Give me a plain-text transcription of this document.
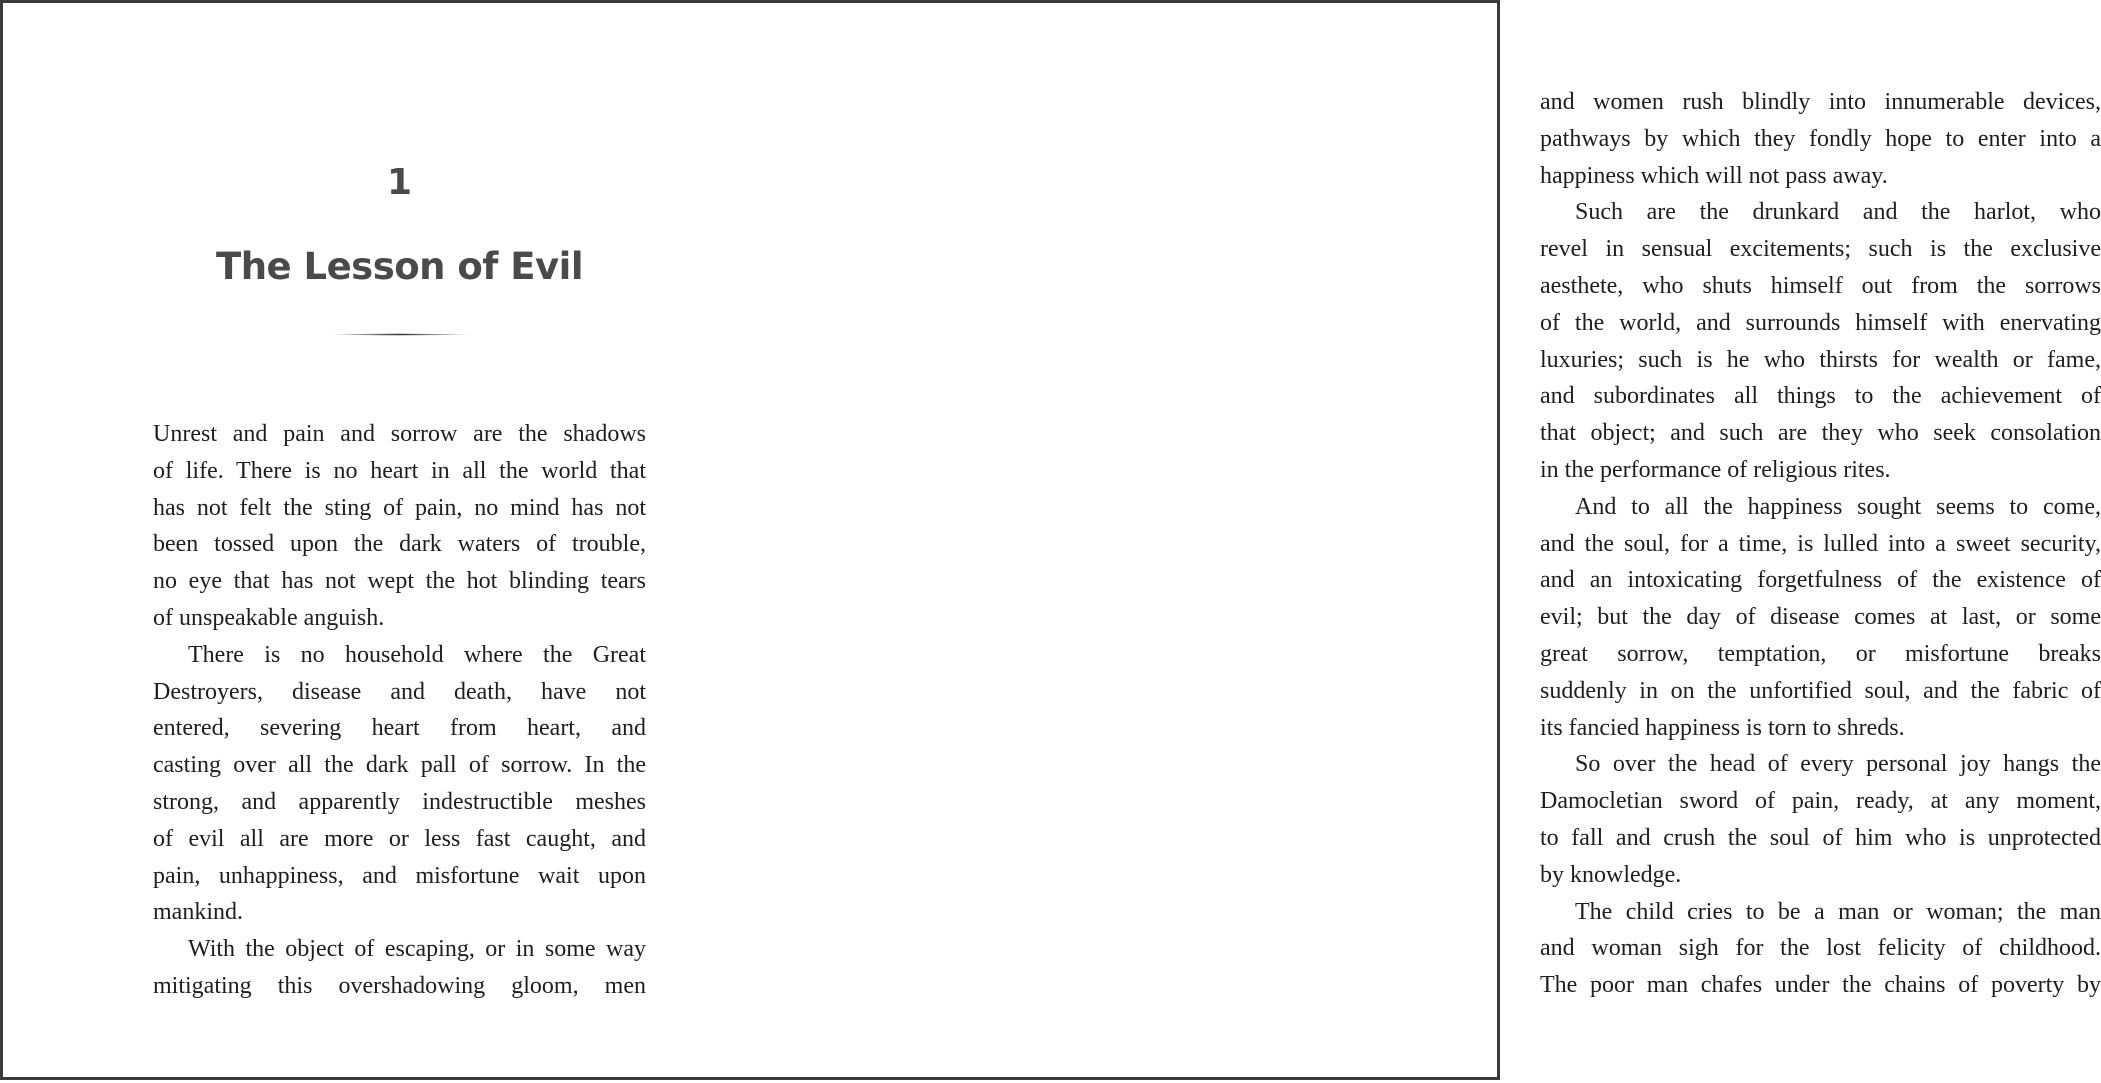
1
The Lesson of Evil
Unrest and pain and sorrow are the shadows
of life. There is no heart in all the world that
has not felt the sting of pain, no mind has not
been tossed upon the dark waters of trouble,
no eye that has not wept the hot blinding tears
of unspeakable anguish.
There is no household where the Great
Destroyers, disease and death, have not
entered, severing heart from heart, and
casting over all the dark pall of sorrow. In the
strong, and apparently indestructible meshes
of evil all are more or less fast caught, and
pain, unhappiness, and misfortune wait upon
mankind.
With the object of escaping, or in some way
mitigating this overshadowing gloom, men
and women rush blindly into innumerable devices,
pathways by which they fondly hope to enter into a
happiness which will not pass away.
Such are the drunkard and the harlot, who
revel in sensual excitements; such is the exclusive
aesthete, who shuts himself out from the sorrows
of the world, and surrounds himself with enervating
luxuries; such is he who thirsts for wealth or fame,
and subordinates all things to the achievement of
that object; and such are they who seek consolation
in the performance of religious rites.
And to all the happiness sought seems to come,
and the soul, for a time, is lulled into a sweet security,
and an intoxicating forgetfulness of the existence of
evil; but the day of disease comes at last, or some
great sorrow, temptation, or misfortune breaks
suddenly in on the unfortified soul, and the fabric of
its fancied happiness is torn to shreds.
So over the head of every personal joy hangs the
Damocletian sword of pain, ready, at any moment,
to fall and crush the soul of him who is unprotected
by knowledge.
The child cries to be a man or woman; the man
and woman sigh for the lost felicity of childhood.
The poor man chafes under the chains of poverty by
